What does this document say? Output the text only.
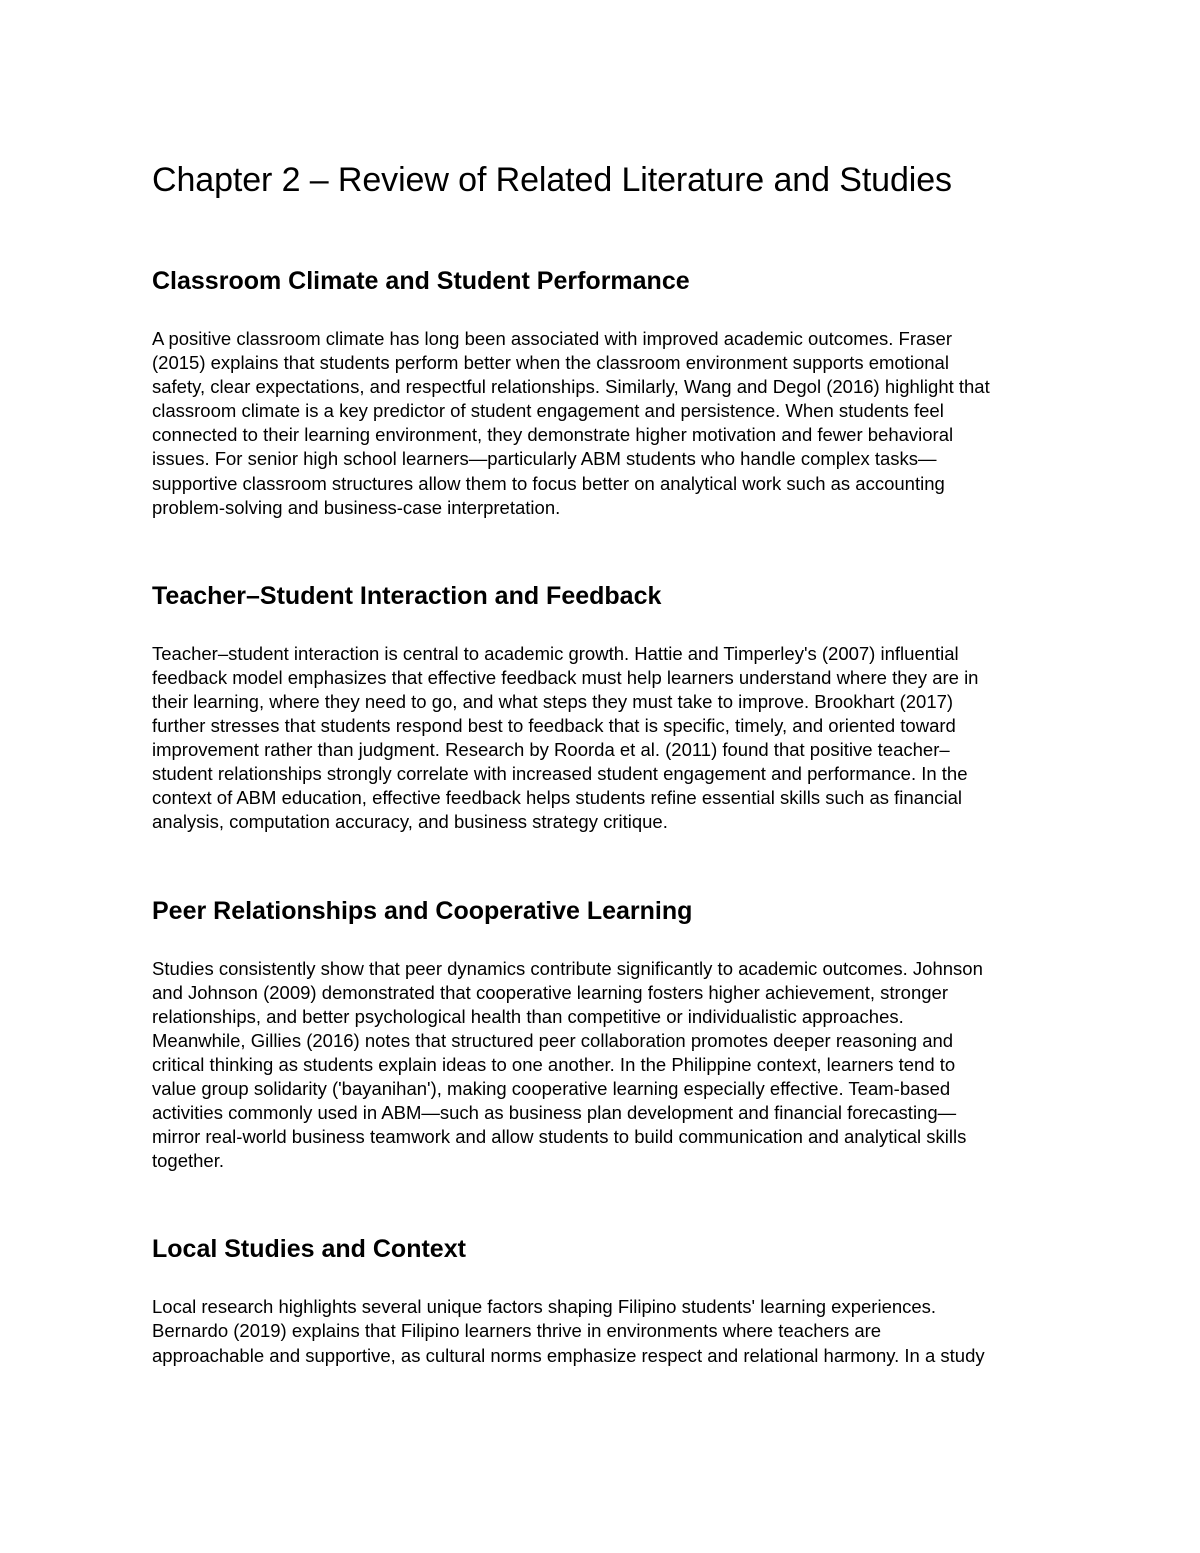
Chapter 2 – Review of Related Literature and Studies
Classroom Climate and Student Performance

A positive classroom climate has long been associated with improved academic outcomes. Fraser
(2015) explains that students perform better when the classroom environment supports emotional
safety, clear expectations, and respectful relationships. Similarly, Wang and Degol (2016) highlight that
classroom climate is a key predictor of student engagement and persistence. When students feel
connected to their learning environment, they demonstrate higher motivation and fewer behavioral
issues. For senior high school learners—particularly ABM students who handle complex tasks—
supportive classroom structures allow them to focus better on analytical work such as accounting
problem-solving and business-case interpretation.

Teacher–Student Interaction and Feedback

Teacher–student interaction is central to academic growth. Hattie and Timperley's (2007) influential
feedback model emphasizes that effective feedback must help learners understand where they are in
their learning, where they need to go, and what steps they must take to improve. Brookhart (2017)
further stresses that students respond best to feedback that is specific, timely, and oriented toward
improvement rather than judgment. Research by Roorda et al. (2011) found that positive teacher–
student relationships strongly correlate with increased student engagement and performance. In the
context of ABM education, effective feedback helps students refine essential skills such as financial
analysis, computation accuracy, and business strategy critique.

Peer Relationships and Cooperative Learning

Studies consistently show that peer dynamics contribute significantly to academic outcomes. Johnson
and Johnson (2009) demonstrated that cooperative learning fosters higher achievement, stronger
relationships, and better psychological health than competitive or individualistic approaches.
Meanwhile, Gillies (2016) notes that structured peer collaboration promotes deeper reasoning and
critical thinking as students explain ideas to one another. In the Philippine context, learners tend to
value group solidarity ('bayanihan'), making cooperative learning especially effective. Team-based
activities commonly used in ABM—such as business plan development and financial forecasting—
mirror real-world business teamwork and allow students to build communication and analytical skills
together.

Local Studies and Context

Local research highlights several unique factors shaping Filipino students' learning experiences.
Bernardo (2019) explains that Filipino learners thrive in environments where teachers are
approachable and supportive, as cultural norms emphasize respect and relational harmony. In a study
